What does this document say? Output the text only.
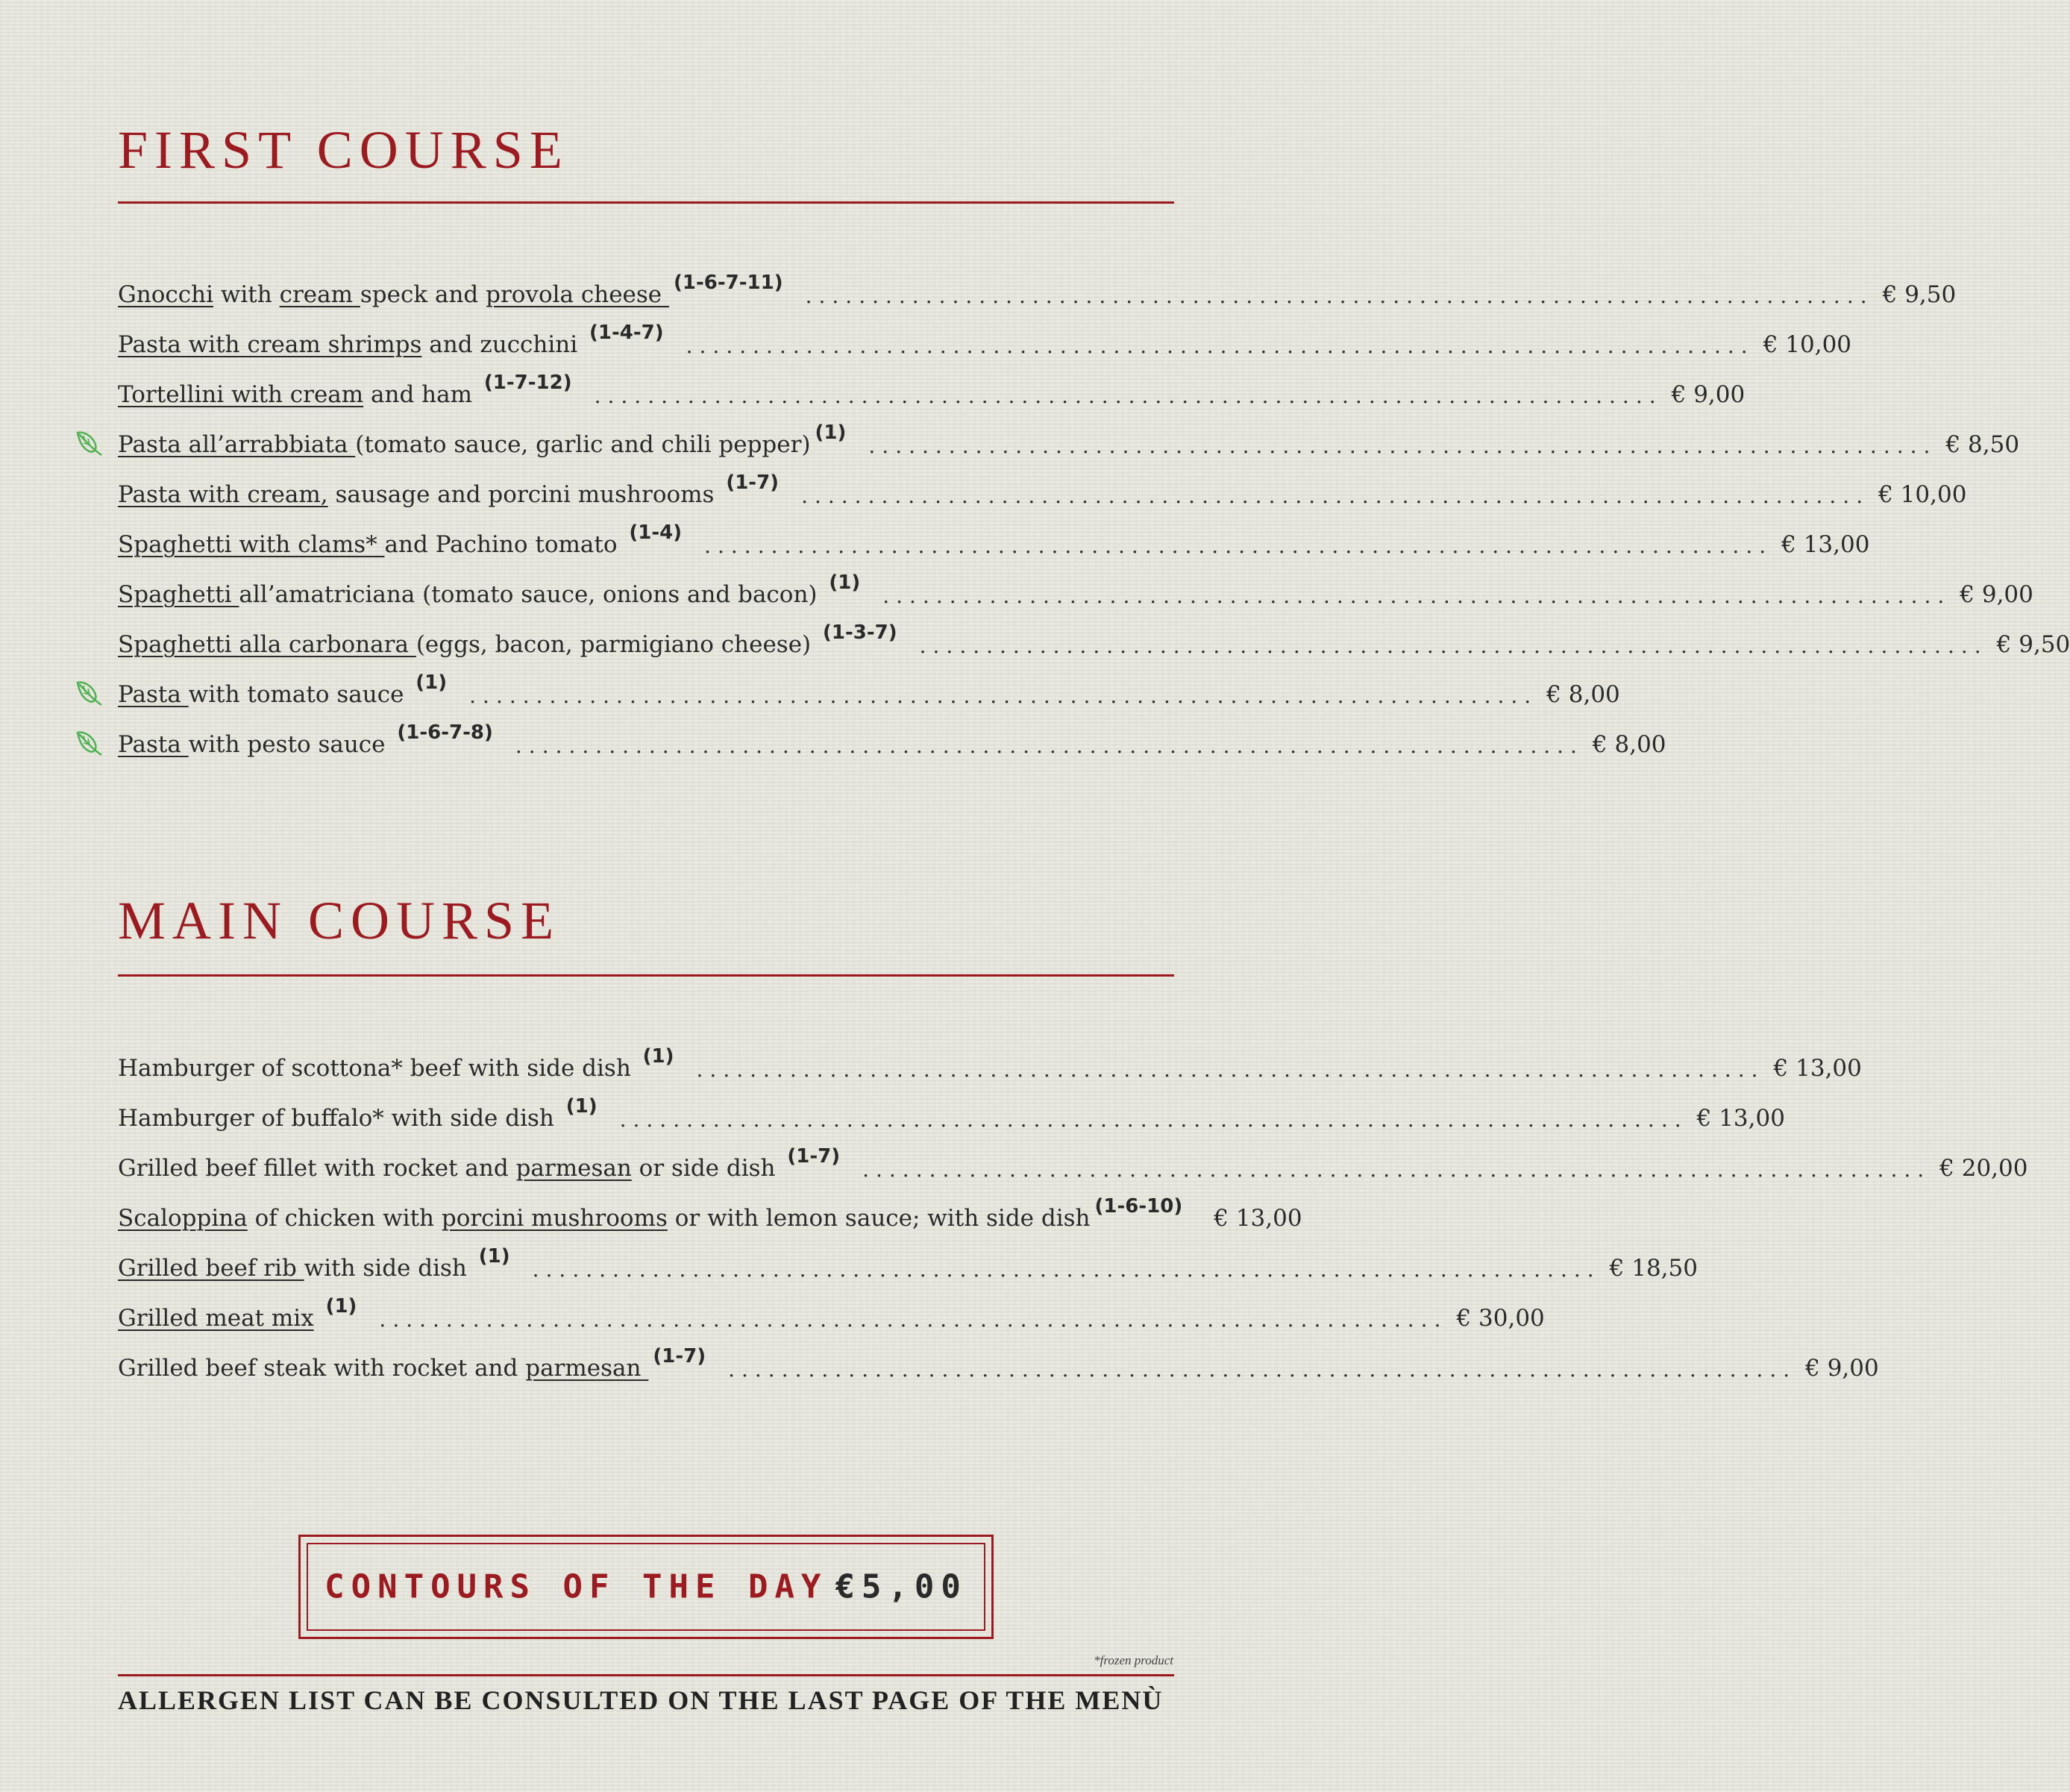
FIRST COURSE
Gnocchi with cream speck and provola cheese $^{(1-6-7-11)}$
................................................................................ € 9,50
Pasta with cream shrimps and zucchini $^{(1-4-7)}$
................................................................................ € 10,00
Tortellini with cream and ham $^{(1-7-12)}$
................................................................................ € 9,00
Pasta all’arrabbiata (tomato sauce, garlic and chili pepper) $^{(1)}$
................................................................................ € 8,50
Pasta with cream, sausage and porcini mushrooms $^{(1-7)}$
................................................................................ € 10,00
Spaghetti with clams* and Pachino tomato $^{(1-4)}$
................................................................................ € 13,00
Spaghetti all’amatriciana (tomato sauce, onions and bacon) $^{(1)}$
................................................................................ € 9,00
Spaghetti alla carbonara (eggs, bacon, parmigiano cheese) $^{(1-3-7)}$
................................................................................ € 9,50
Pasta with tomato sauce $^{(1)}$
................................................................................ € 8,00
Pasta with pesto sauce $^{(1-6-7-8)}$
................................................................................ € 8,00
MAIN COURSE
Hamburger of scottona* beef with side dish $^{(1)}$
................................................................................ € 13,00
Hamburger of buffalo* with side dish $^{(1)}$
................................................................................ € 13,00
Grilled beef fillet with rocket and parmesan or side dish $^{(1-7)}$
................................................................................ € 20,00
Scaloppina of chicken with porcini mushrooms or with lemon sauce; with side dish $^{(1-6-10)}$ € 13,00
Grilled beef rib with side dish $^{(1)}$
................................................................................ € 18,50
Grilled meat mix $^{(1)}$
................................................................................ € 30,00
Grilled beef steak with rocket and parmesan $^{(1-7)}$
................................................................................ € 9,00
CONTOURS OF THE DAY €5,00
*frozen product
ALLERGEN LIST CAN BE CONSULTED ON THE LAST PAGE OF THE MENÙ
